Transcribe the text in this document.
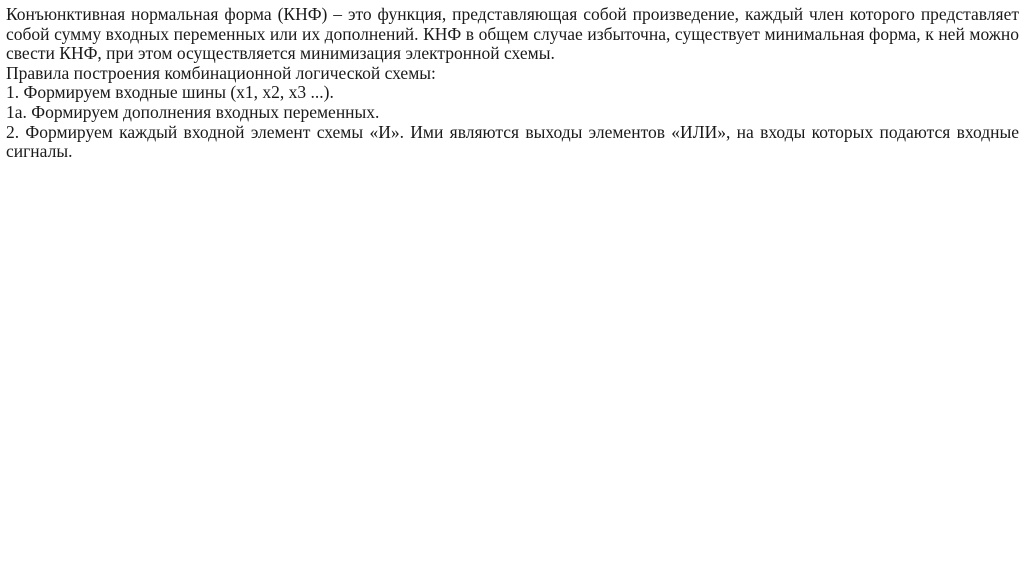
Конъюнктивная нормальная форма (КНФ) – это функция, представляющая собой произведение, каждый член которого представляет собой сумму входных переменных или их дополнений. КНФ в общем случае избыточна, существует минимальная форма, к ней можно свести КНФ, при этом осуществляется минимизация электронной схемы.

Правила построения комбинационной логической схемы:

1. Формируем входные шины (x1, x2, x3 ...).

1а. Формируем дополнения входных переменных.

2. Формируем каждый входной элемент схемы «И». Ими являются выходы элементов «ИЛИ», на входы которых подаются входные сигналы.
